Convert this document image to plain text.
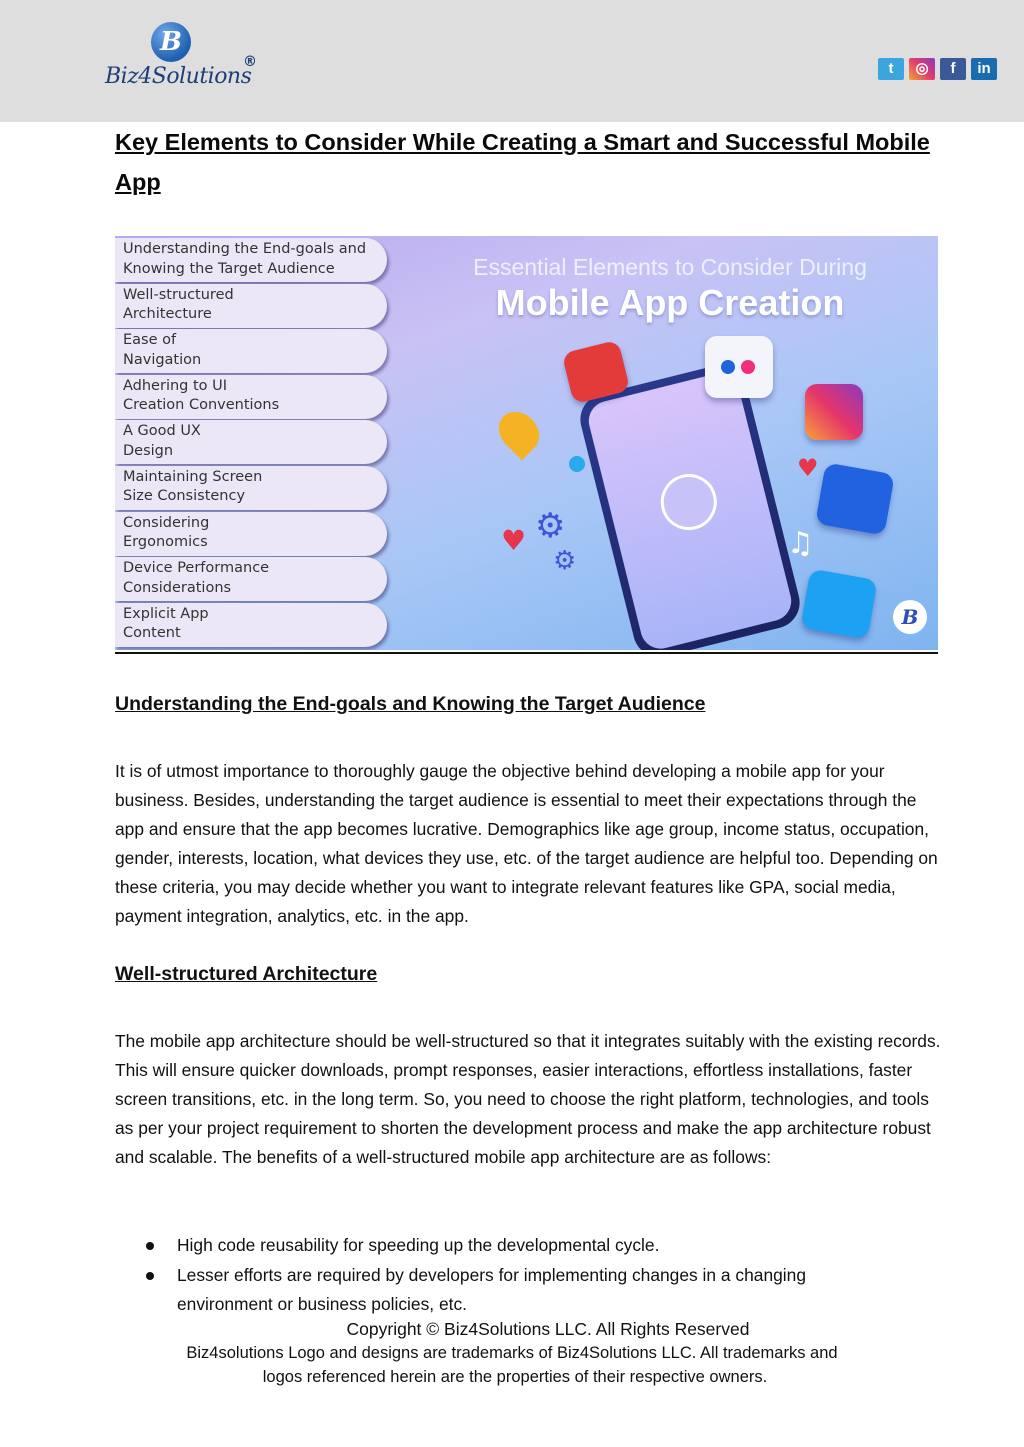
B
Biz4Solutions
®	t	◎	f	in
Key Elements to Consider While Creating a Smart and Successful Mobile App
Understanding the End-goals and
Knowing the Target Audience
Well-structured
Architecture
Ease of
Navigation
Adhering to UI
Creation Conventions
A Good UX
Design
Maintaining Screen
Size Consistency
Considering
Ergonomics
Device Performance
Considerations
Explicit App
Content
Essential Elements to Consider During
Mobile App Creation
♥
♥
⚙
⚙	♫
B
Understanding the End-goals and Knowing the Target Audience

It is of utmost importance to thoroughly gauge the objective behind developing a mobile app for your business. Besides, understanding the target audience is essential to meet their expectations through the app and ensure that the app becomes lucrative. Demographics like age group, income status, occupation, gender, interests, location, what devices they use, etc. of the target audience are helpful too. Depending on these criteria, you may decide whether you want to integrate relevant features like GPA, social media, payment integration, analytics, etc. in the app.

Well-structured Architecture

The mobile app architecture should be well-structured so that it integrates suitably with the existing records. This will ensure quicker downloads, prompt responses, easier interactions, effortless installations, faster screen transitions, etc. in the long term. So, you need to choose the right platform, technologies, and tools as per your project requirement to shorten the development process and make the app architecture robust and scalable. The benefits of a well-structured mobile app architecture are as follows:

High code reusability for speeding up the developmental cycle.
Lesser efforts are required by developers for implementing changes in a changing environment or business policies, etc.
Copyright © Biz4Solutions LLC. All Rights Reserved
Biz4solutions Logo and designs are trademarks of Biz4Solutions LLC. All trademarks and
logos referenced herein are the properties of their respective owners.
